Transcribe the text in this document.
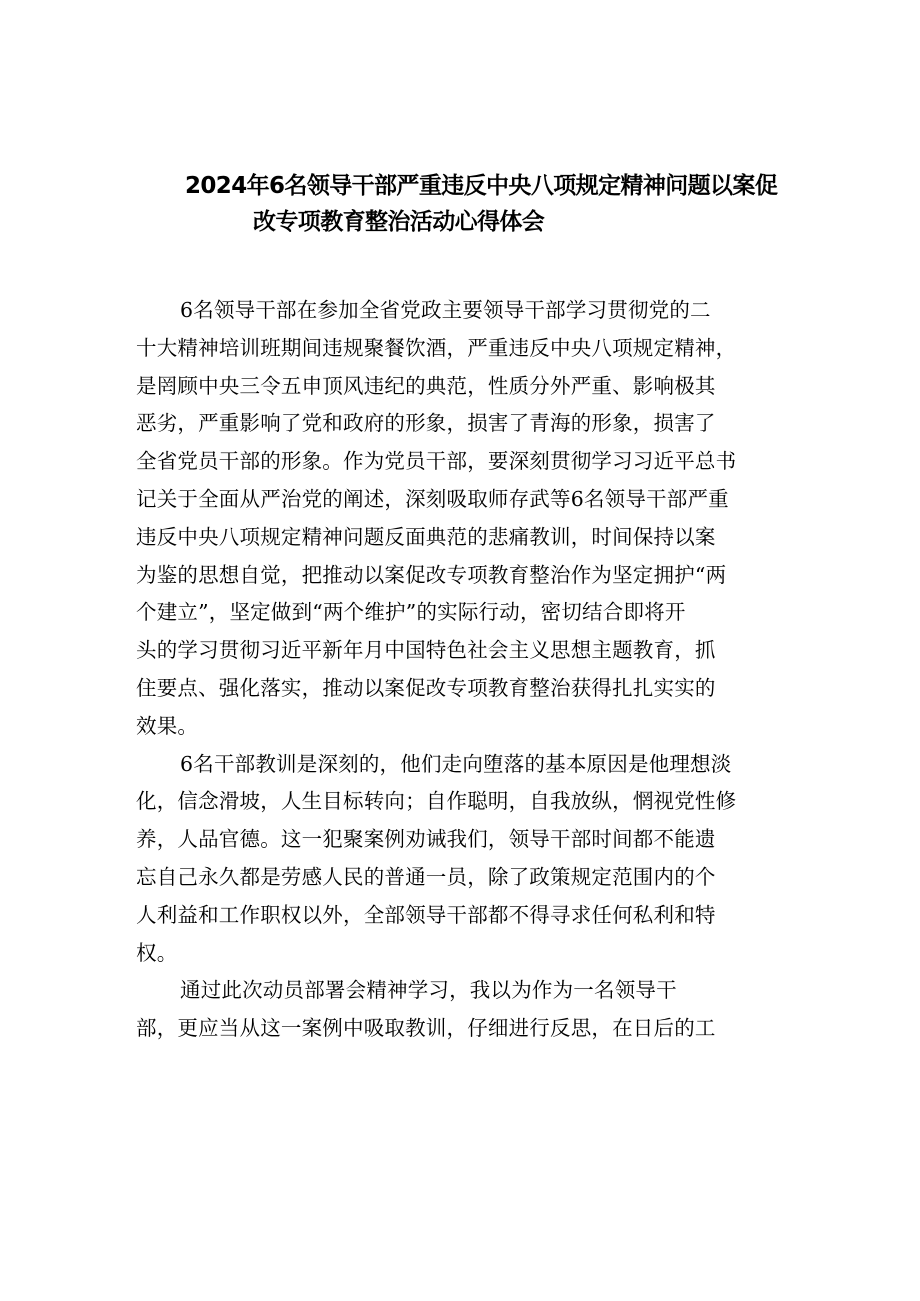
2024年6名领导干部严重违反中央八项规定精神问题以案促
改专项教育整治活动心得体会

6名领导干部在参加全省党政主要领导干部学习贯彻党的二
十大精神培训班期间违规聚餐饮酒，严重违反中央八项规定精神，
是罔顾中央三令五申顶风违纪的典范，性质分外严重、影响极其
恶劣，严重影响了党和政府的形象，损害了青海的形象，损害了
全省党员干部的形象。作为党员干部，要深刻贯彻学习习近平总书
记关于全面从严治党的阐述，深刻吸取师存武等6名领导干部严重
违反中央八项规定精神问题反面典范的悲痛教训，时间保持以案
为鉴的思想自觉，把推动以案促改专项教育整治作为坚定拥护“两
个建立”，坚定做到“两个维护”的实际行动，密切结合即将开
头的学习贯彻习近平新年月中国特色社会主义思想主题教育，抓
住要点、强化落实，推动以案促改专项教育整治获得扎扎实实的
效果。

6名干部教训是深刻的，他们走向堕落的基本原因是他理想淡
化，信念滑坡，人生目标转向；自作聪明，自我放纵，惘视党性修
养，人品官德。这一犯聚案例劝诫我们，领导干部时间都不能遗
忘自己永久都是劳感人民的普通一员，除了政策规定范围内的个
人利益和工作职权以外，全部领导干部都不得寻求任何私利和特
权。

通过此次动员部署会精神学习，我以为作为一名领导干
部，更应当从这一案例中吸取教训，仔细进行反思，在日后的工
